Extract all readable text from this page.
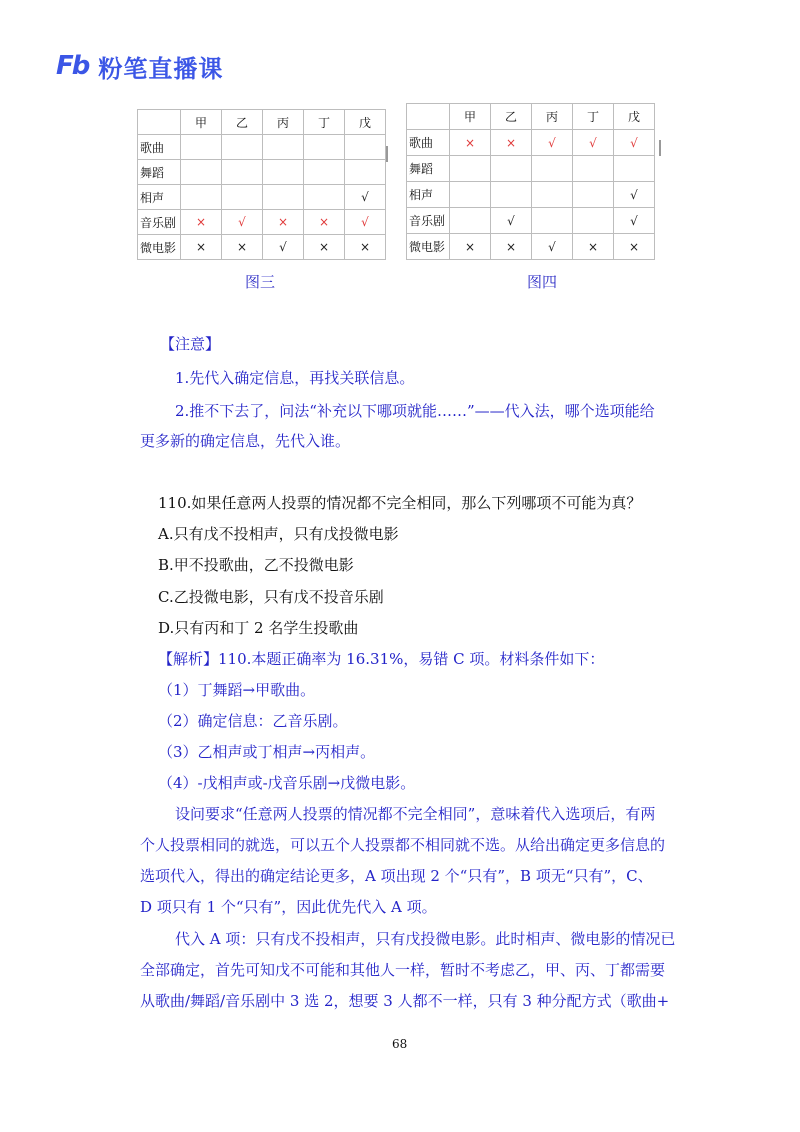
Fb 粉笔直播课
	甲	乙	丙	丁	戊
歌曲					
舞蹈					
相声					√
音乐剧	×	√	×	×	√
微电影	×	×	√	×	×
图三
	甲	乙	丙	丁	戊
歌曲	×	×	√	√	√
舞蹈					
相声					√
音乐剧		√			√
微电影	×	×	√	×	×
图四
【注意】
1.先代入确定信息，再找关联信息。
2.推不下去了，问法“补充以下哪项就能……”——代入法，哪个选项能给
更多新的确定信息，先代入谁。
110.如果任意两人投票的情况都不完全相同，那么下列哪项不可能为真？
A.只有戊不投相声，只有戊投微电影
B.甲不投歌曲，乙不投微电影
C.乙投微电影，只有戊不投音乐剧
D.只有丙和丁 2 名学生投歌曲
【解析】110.本题正确率为 16.31%，易错 C 项。材料条件如下：
（1）丁舞蹈→甲歌曲。
（2）确定信息：乙音乐剧。
（3）乙相声或丁相声→丙相声。
（4）-戊相声或-戊音乐剧→戊微电影。
设问要求“任意两人投票的情况都不完全相同”，意味着代入选项后，有两
个人投票相同的就选，可以五个人投票都不相同就不选。从给出确定更多信息的
选项代入，得出的确定结论更多，A 项出现 2 个“只有”，B 项无“只有”，C、
D 项只有 1 个“只有”，因此优先代入 A 项。
代入 A 项：只有戊不投相声，只有戊投微电影。此时相声、微电影的情况已
全部确定，首先可知戊不可能和其他人一样，暂时不考虑乙，甲、丙、丁都需要
从歌曲/舞蹈/音乐剧中 3 选 2，想要 3 人都不一样，只有 3 种分配方式（歌曲+
68
